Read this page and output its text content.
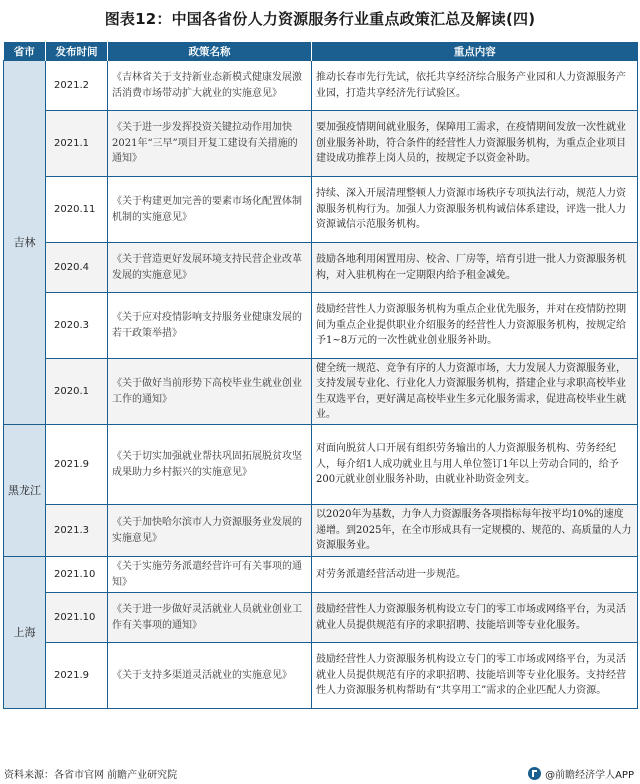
图表12：中国各省份人力资源服务行业重点政策汇总及解读(四)
省市	发布时间	政策名称	重点内容
吉林	2021.2	《吉林省关于支持新业态新模式健康发展激活消费市场带动扩大就业的实施意见》	推动长春市先行先试，依托共享经济综合服务产业园和人力资源服务产业园，打造共享经济先行试验区。
	2021.1	《关于进一步发挥投资关键拉动作用加快2021年“三早”项目开复工建设有关措施的通知》	要加强疫情期间就业服务，保障用工需求，在疫情期间发放一次性就业创业服务补助，符合条件的经营性人力资源服务机构，为重点企业项目建设成功推荐上岗人员的，按规定予以资金补助。
	2020.11	《关于构建更加完善的要素市场化配置体制机制的实施意见》	持续、深入开展清理整顿人力资源市场秩序专项执法行动，规范人力资源服务机构行为。加强人力资源服务机构诚信体系建设，评选一批人力资源诚信示范服务机构。
	2020.4	《关于营造更好发展环境支持民营企业改革发展的实施意见》	鼓励各地利用闲置用房、校舍、厂房等，培育引进一批人力资源服务机构，对入驻机构在一定期限内给予租金减免。
	2020.3	《关于应对疫情影响支持服务业健康发展的若干政策举措》	鼓励经营性人力资源服务机构为重点企业优先服务，并对在疫情防控期间为重点企业提供职业介绍服务的经营性人力资源服务机构，按规定给予1~8万元的一次性就业创业服务补助。
	2020.1	《关于做好当前形势下高校毕业生就业创业工作的通知》	健全统一规范、竞争有序的人力资源市场，大力发展人力资源服务业，支持发展专业化、行业化人力资源服务机构，搭建企业与求职高校毕业生双选平台，更好满足高校毕业生多元化服务需求，促进高校毕业生就业。
黑龙江	2021.9	《关于切实加强就业帮扶巩固拓展脱贫攻坚成果助力乡村振兴的实施意见》	对面向脱贫人口开展有组织劳务输出的人力资源服务机构、劳务经纪人，每介绍1人成功就业且与用人单位签订1年以上劳动合同的，给予200元就业创业服务补助，由就业补助资金列支。
	2021.3	《关于加快哈尔滨市人力资源服务业发展的实施意见》	以2020年为基数，力争人力资源服务各项指标每年按平均10%的速度递增。到2025年，在全市形成具有一定规模的、规范的、高质量的人力资源服务业。
上海	2021.10	《关于实施劳务派遣经营许可有关事项的通知》	对劳务派遣经营活动进一步规范。
	2021.10	《关于进一步做好灵活就业人员就业创业工作有关事项的通知》	鼓励经营性人力资源服务机构设立专门的零工市场或网络平台，为灵活就业人员提供规范有序的求职招聘、技能培训等专业化服务。
	2021.9	《关于支持多渠道灵活就业的实施意见》	鼓励经营性人力资源服务机构设立专门的零工市场或网络平台，为灵活就业人员提供规范有序的求职招聘、技能培训等专业化服务。支持经营性人力资源服务机构帮助有“共享用工”需求的企业匹配人力资源。
资料来源：各省市官网 前瞻产业研究院	@前瞻经济学人APP
